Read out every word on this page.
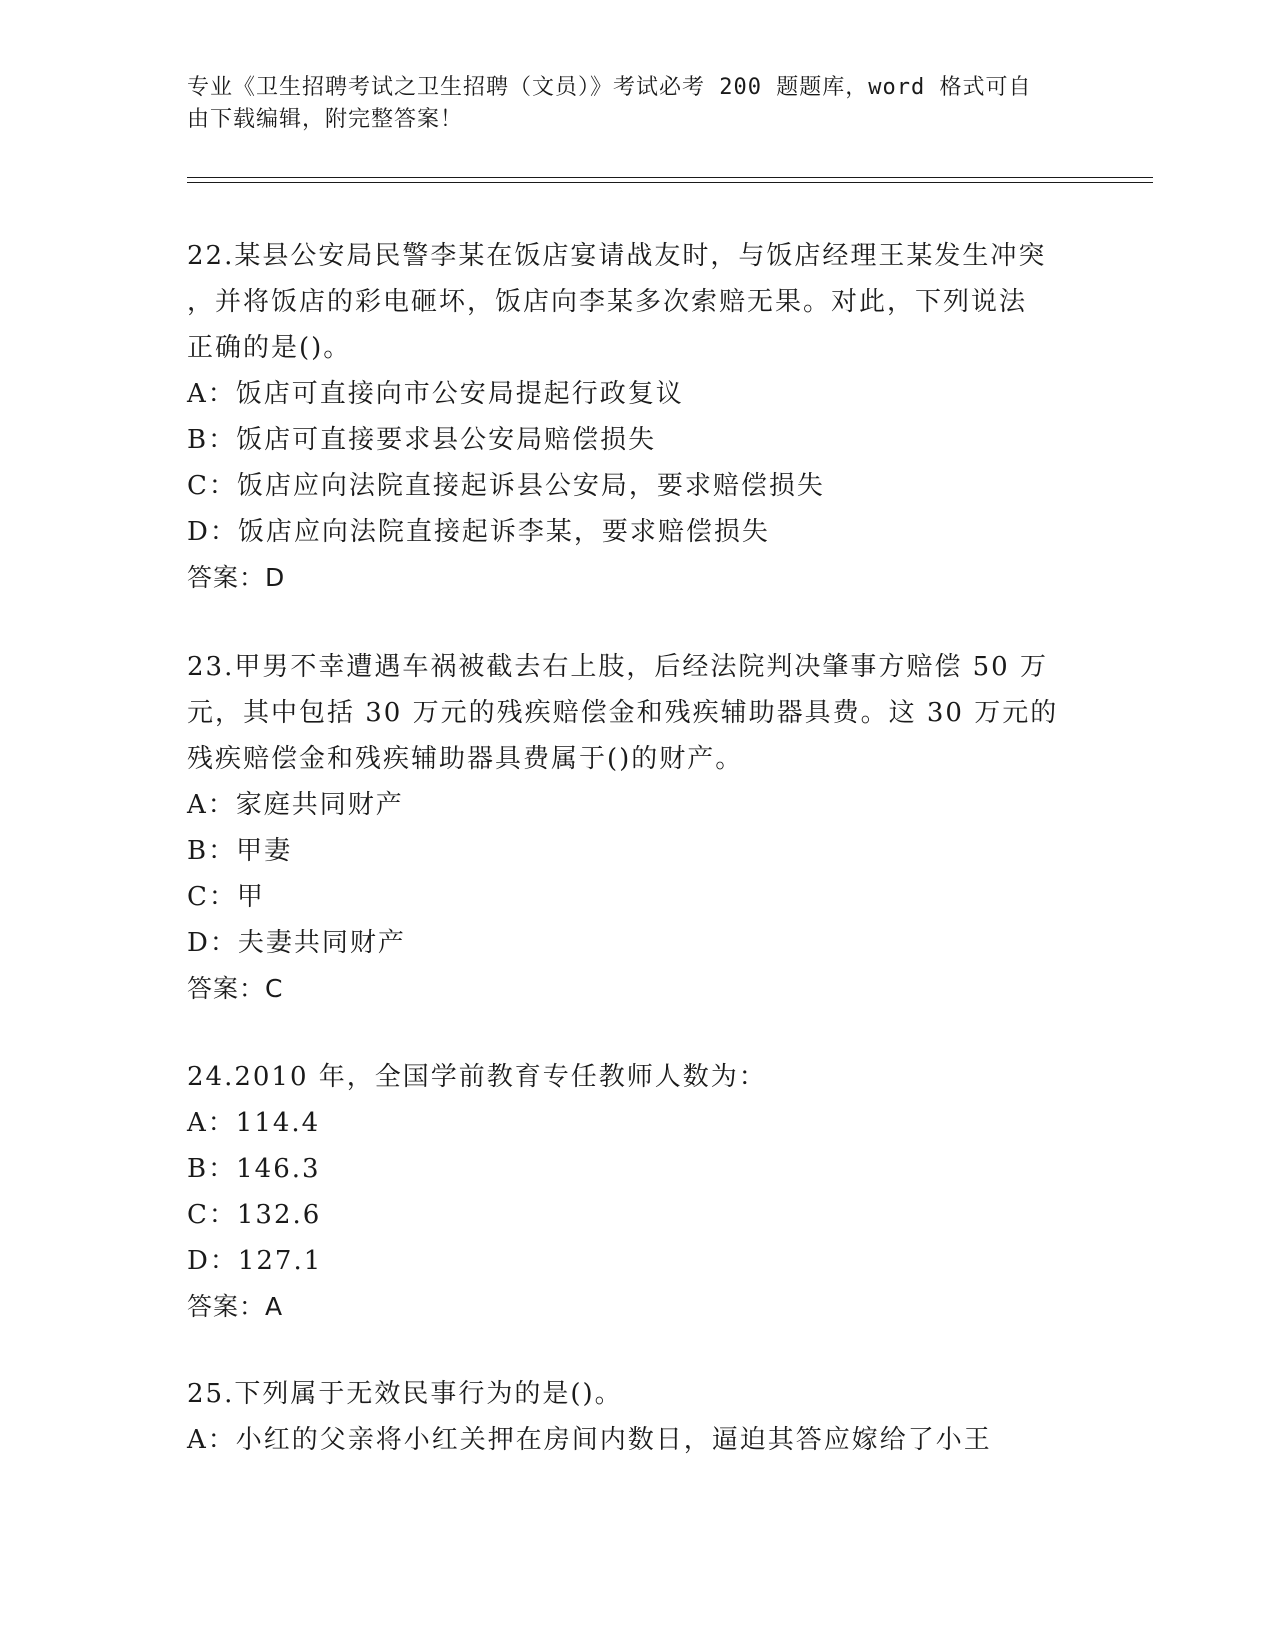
专业《卫生招聘考试之卫生招聘（文员）》考试必考 200 题题库，word 格式可自
由下载编辑，附完整答案！
22.某县公安局民警李某在饭店宴请战友时，与饭店经理王某发生冲突
，并将饭店的彩电砸坏，饭店向李某多次索赔无果。对此，下列说法
正确的是()。
A：饭店可直接向市公安局提起行政复议
B：饭店可直接要求县公安局赔偿损失
C：饭店应向法院直接起诉县公安局，要求赔偿损失
D：饭店应向法院直接起诉李某，要求赔偿损失
答案：D
23.甲男不幸遭遇车祸被截去右上肢，后经法院判决肇事方赔偿 50 万
元，其中包括 30 万元的残疾赔偿金和残疾辅助器具费。这 30 万元的
残疾赔偿金和残疾辅助器具费属于()的财产。
A：家庭共同财产
B：甲妻
C：甲
D：夫妻共同财产
答案：C
24.2010 年，全国学前教育专任教师人数为：
A：114.4
B：146.3
C：132.6
D：127.1
答案：A
25.下列属于无效民事行为的是()。
A：小红的父亲将小红关押在房间内数日，逼迫其答应嫁给了小王
